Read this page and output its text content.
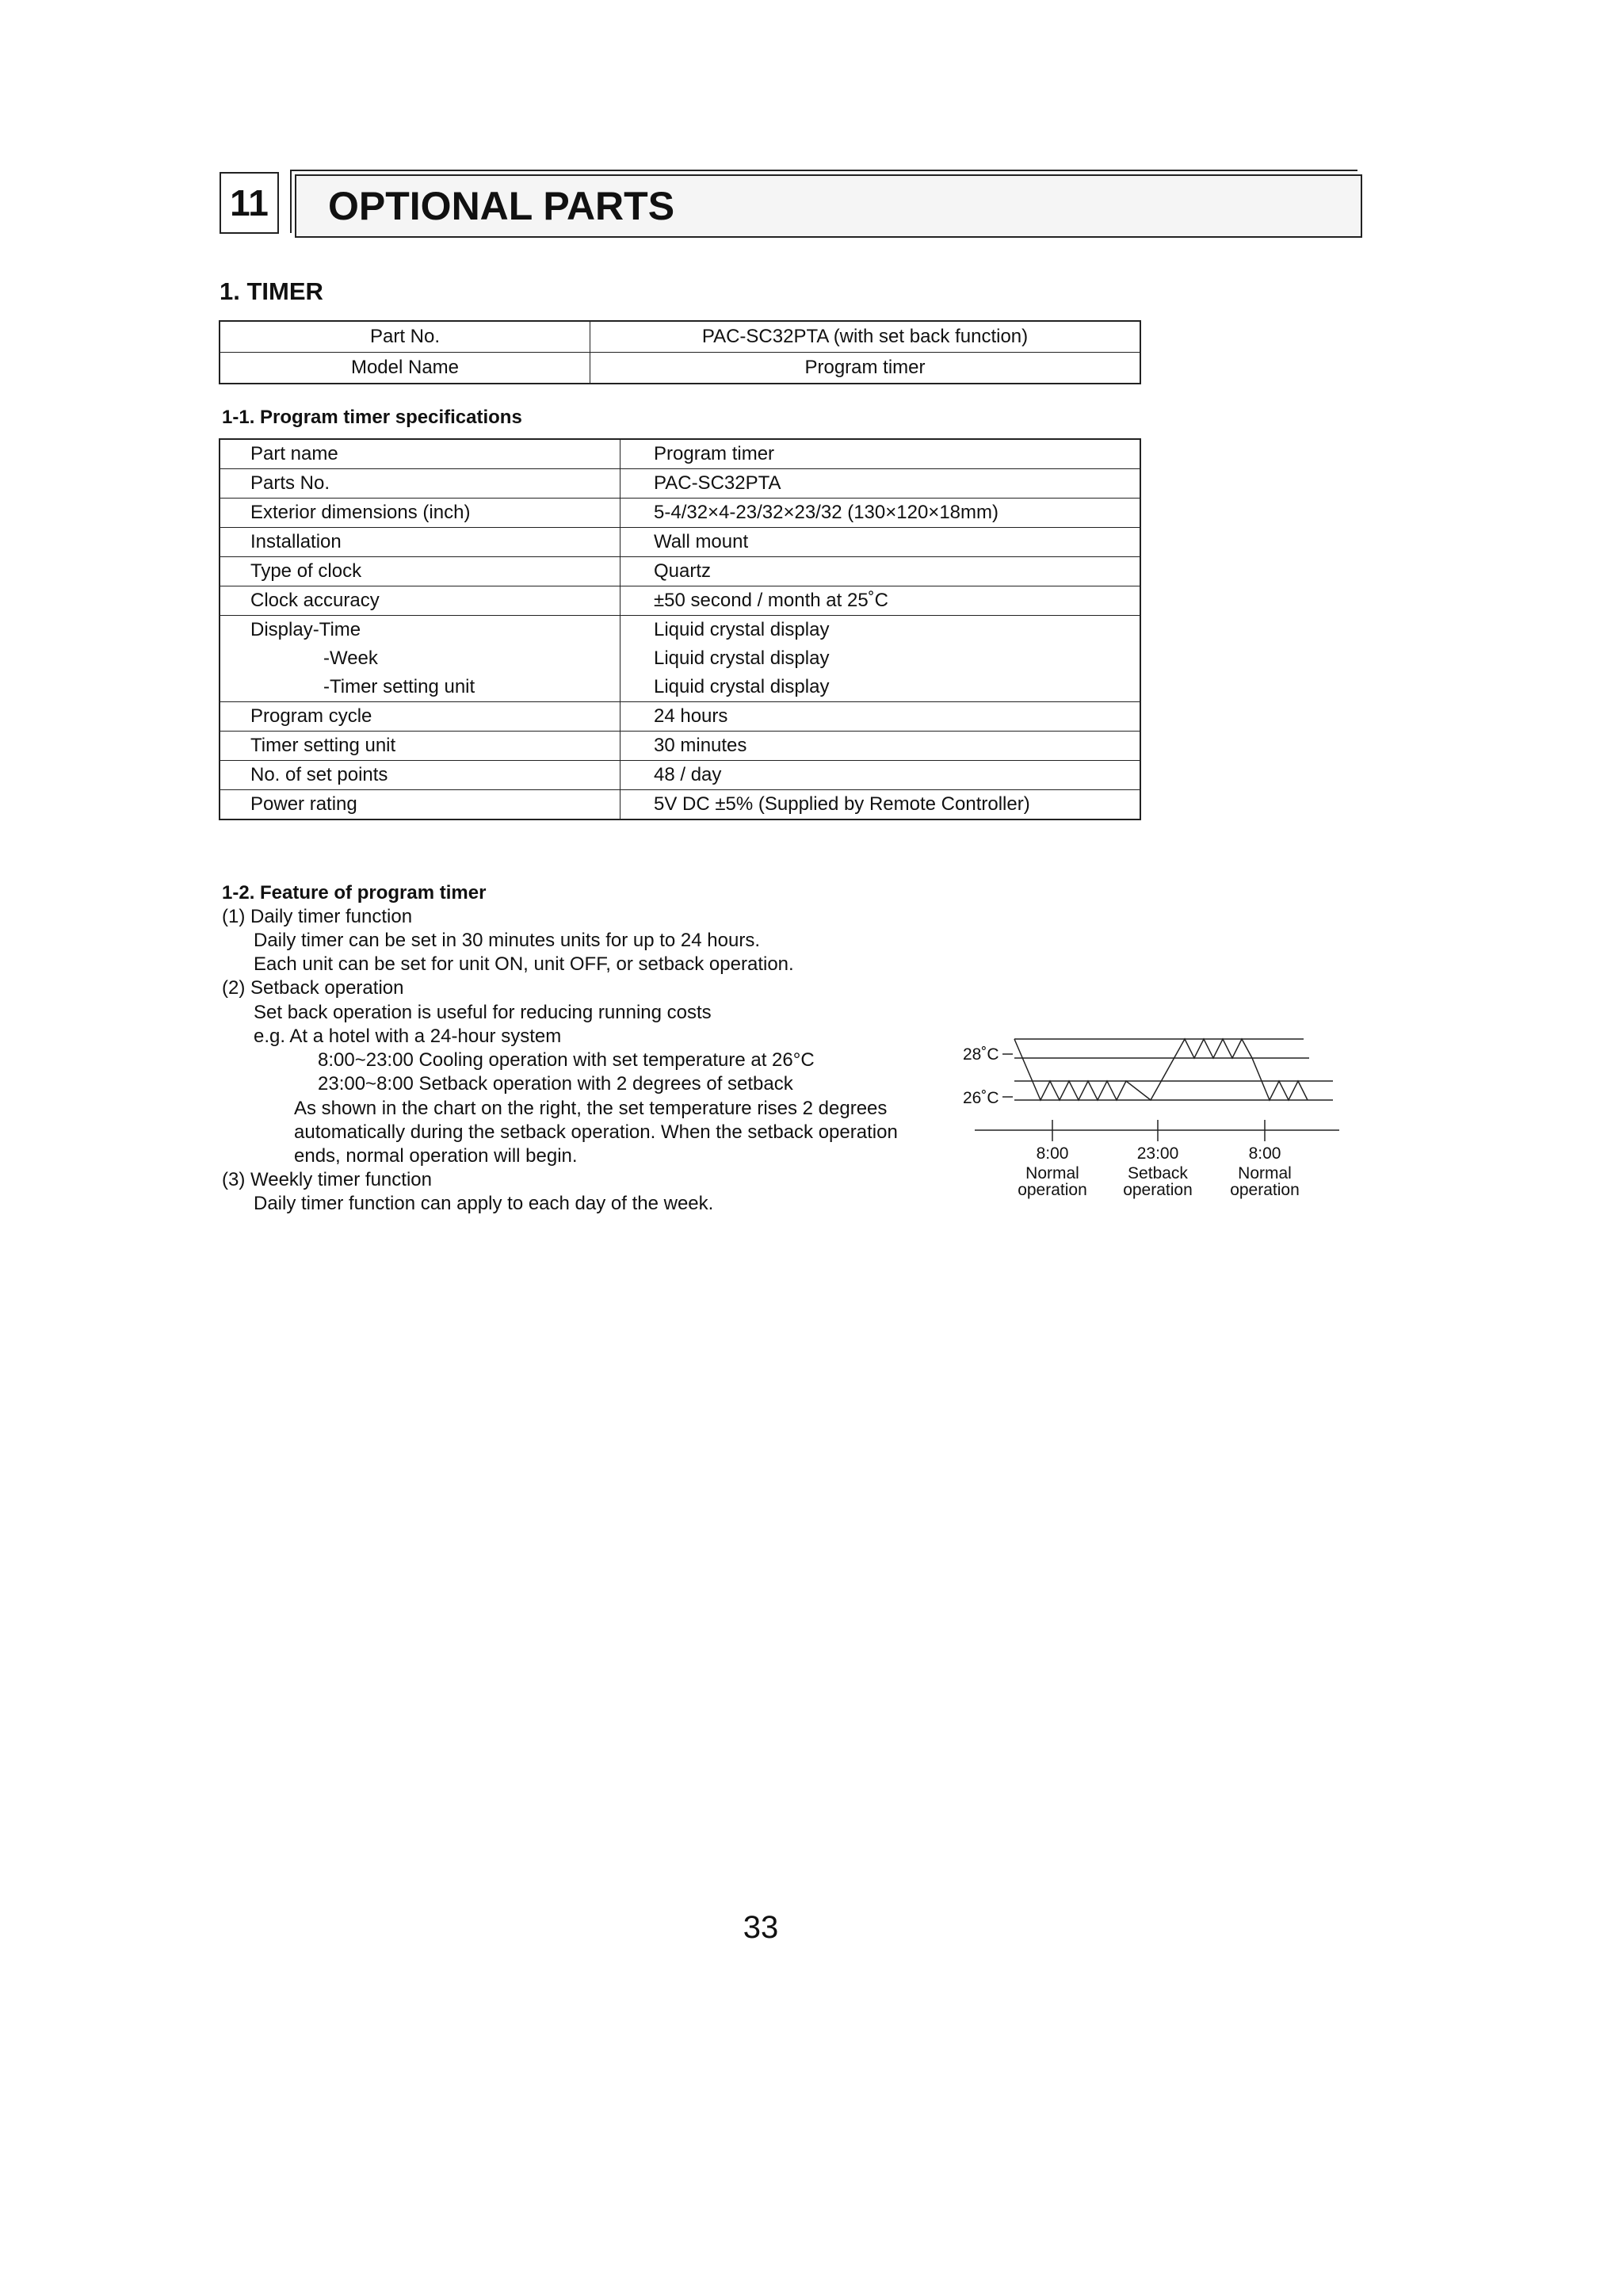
11 OPTIONAL PARTS
1. TIMER
Part No.	PAC-SC32PTA (with set back function)
Model Name	Program timer
1-1. Program timer specifications
Part name	Program timer
Parts No.	PAC-SC32PTA
Exterior dimensions (inch)	5-4/32×4-23/32×23/32 (130×120×18mm)
Installation	Wall mount
Type of clock	Quartz
Clock accuracy	±50 second / month at 25˚C
Display-Time	Liquid crystal display
-Week	Liquid crystal display
-Timer setting unit	Liquid crystal display
Program cycle	24 hours
Timer setting unit	30 minutes
No. of set points	48 / day
Power rating	5V DC ±5% (Supplied by Remote Controller)
1-2. Feature of program timer
(1) Daily timer function
Daily timer can be set in 30 minutes units for up to 24 hours.
Each unit can be set for unit ON, unit OFF, or setback operation.
(2) Setback operation
Set back operation is useful for reducing running costs
e.g. At a hotel with a 24-hour system
8:00~23:00 Cooling operation with set temperature at 26°C
23:00~8:00 Setback operation with 2 degrees of setback
As shown in the chart on the right, the set temperature rises 2 degrees
automatically during the setback operation. When the setback operation
ends, normal operation will begin.
(3) Weekly timer function
Daily timer function can apply to each day of the week.
28˚C
26˚C
8:00	23:00	8:00
Normal
operation
Setback
operation
Normal
operation
33
